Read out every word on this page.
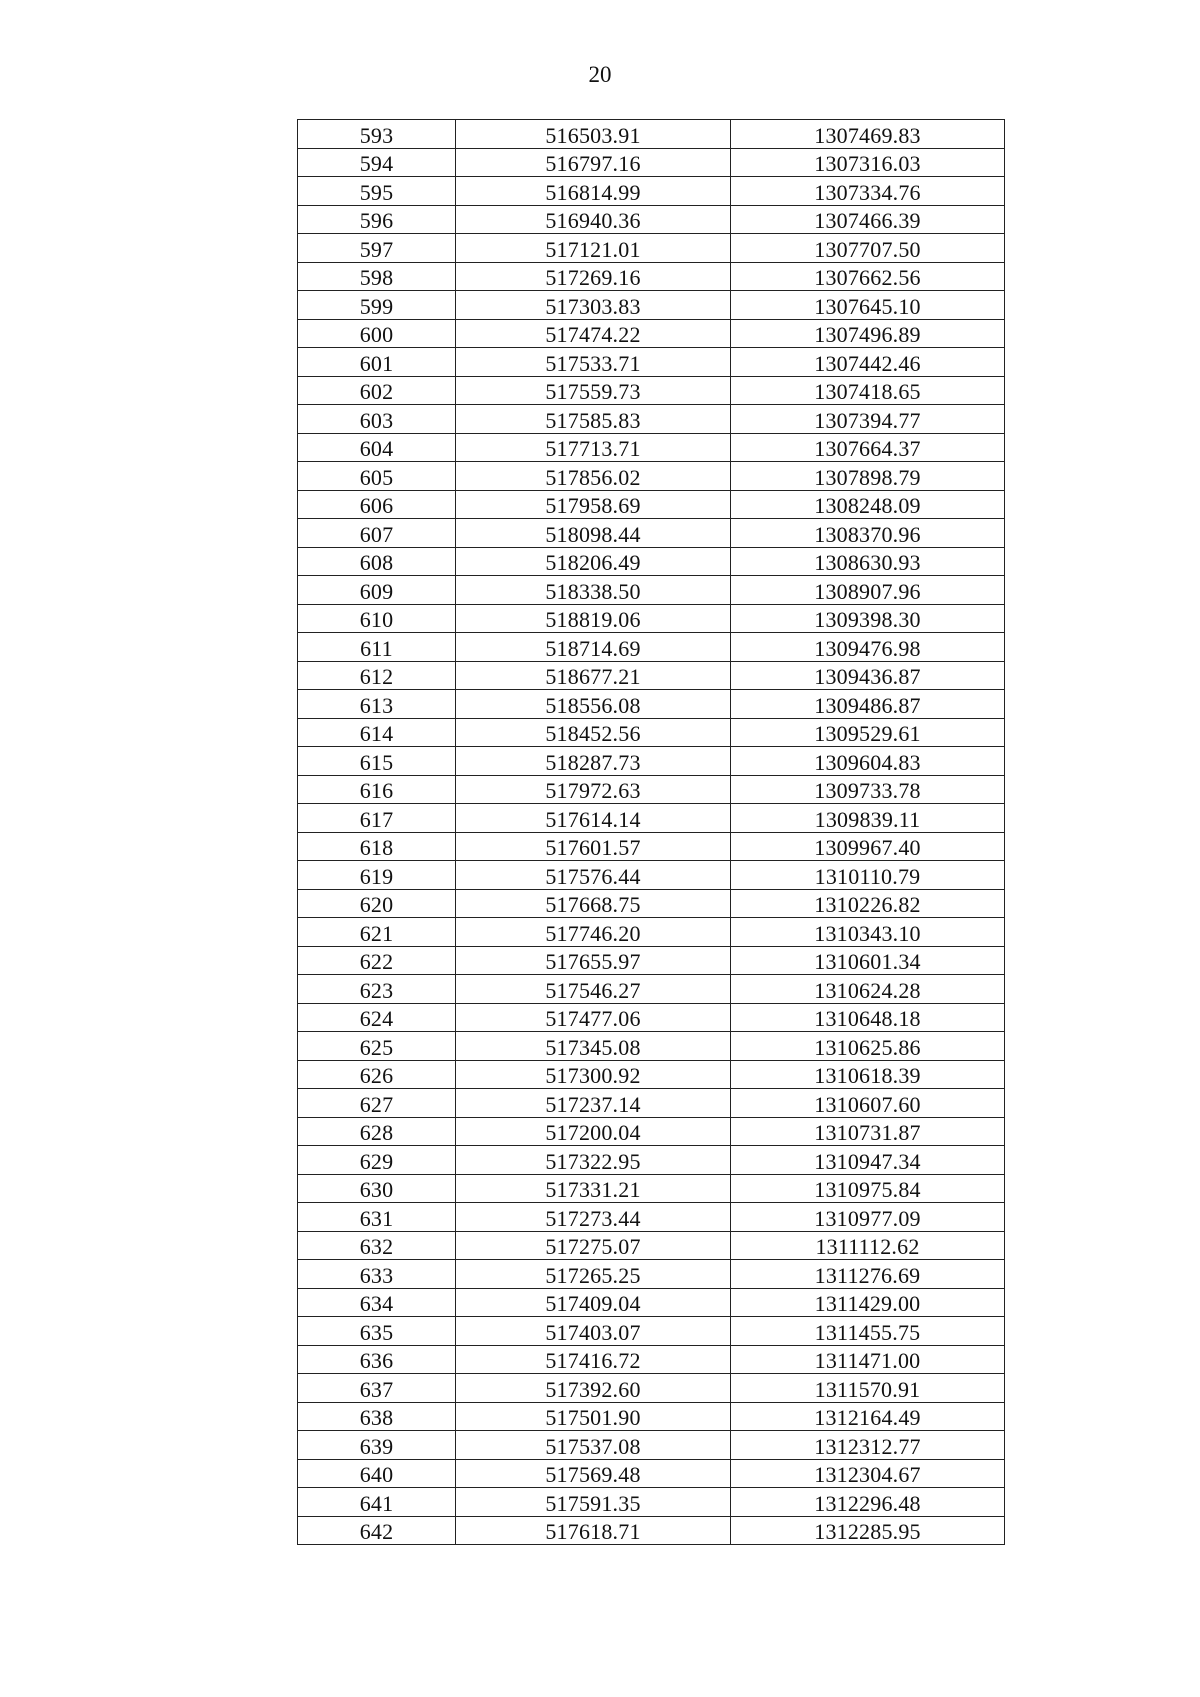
20
593	516503.91	1307469.83
594	516797.16	1307316.03
595	516814.99	1307334.76
596	516940.36	1307466.39
597	517121.01	1307707.50
598	517269.16	1307662.56
599	517303.83	1307645.10
600	517474.22	1307496.89
601	517533.71	1307442.46
602	517559.73	1307418.65
603	517585.83	1307394.77
604	517713.71	1307664.37
605	517856.02	1307898.79
606	517958.69	1308248.09
607	518098.44	1308370.96
608	518206.49	1308630.93
609	518338.50	1308907.96
610	518819.06	1309398.30
611	518714.69	1309476.98
612	518677.21	1309436.87
613	518556.08	1309486.87
614	518452.56	1309529.61
615	518287.73	1309604.83
616	517972.63	1309733.78
617	517614.14	1309839.11
618	517601.57	1309967.40
619	517576.44	1310110.79
620	517668.75	1310226.82
621	517746.20	1310343.10
622	517655.97	1310601.34
623	517546.27	1310624.28
624	517477.06	1310648.18
625	517345.08	1310625.86
626	517300.92	1310618.39
627	517237.14	1310607.60
628	517200.04	1310731.87
629	517322.95	1310947.34
630	517331.21	1310975.84
631	517273.44	1310977.09
632	517275.07	1311112.62
633	517265.25	1311276.69
634	517409.04	1311429.00
635	517403.07	1311455.75
636	517416.72	1311471.00
637	517392.60	1311570.91
638	517501.90	1312164.49
639	517537.08	1312312.77
640	517569.48	1312304.67
641	517591.35	1312296.48
642	517618.71	1312285.95
